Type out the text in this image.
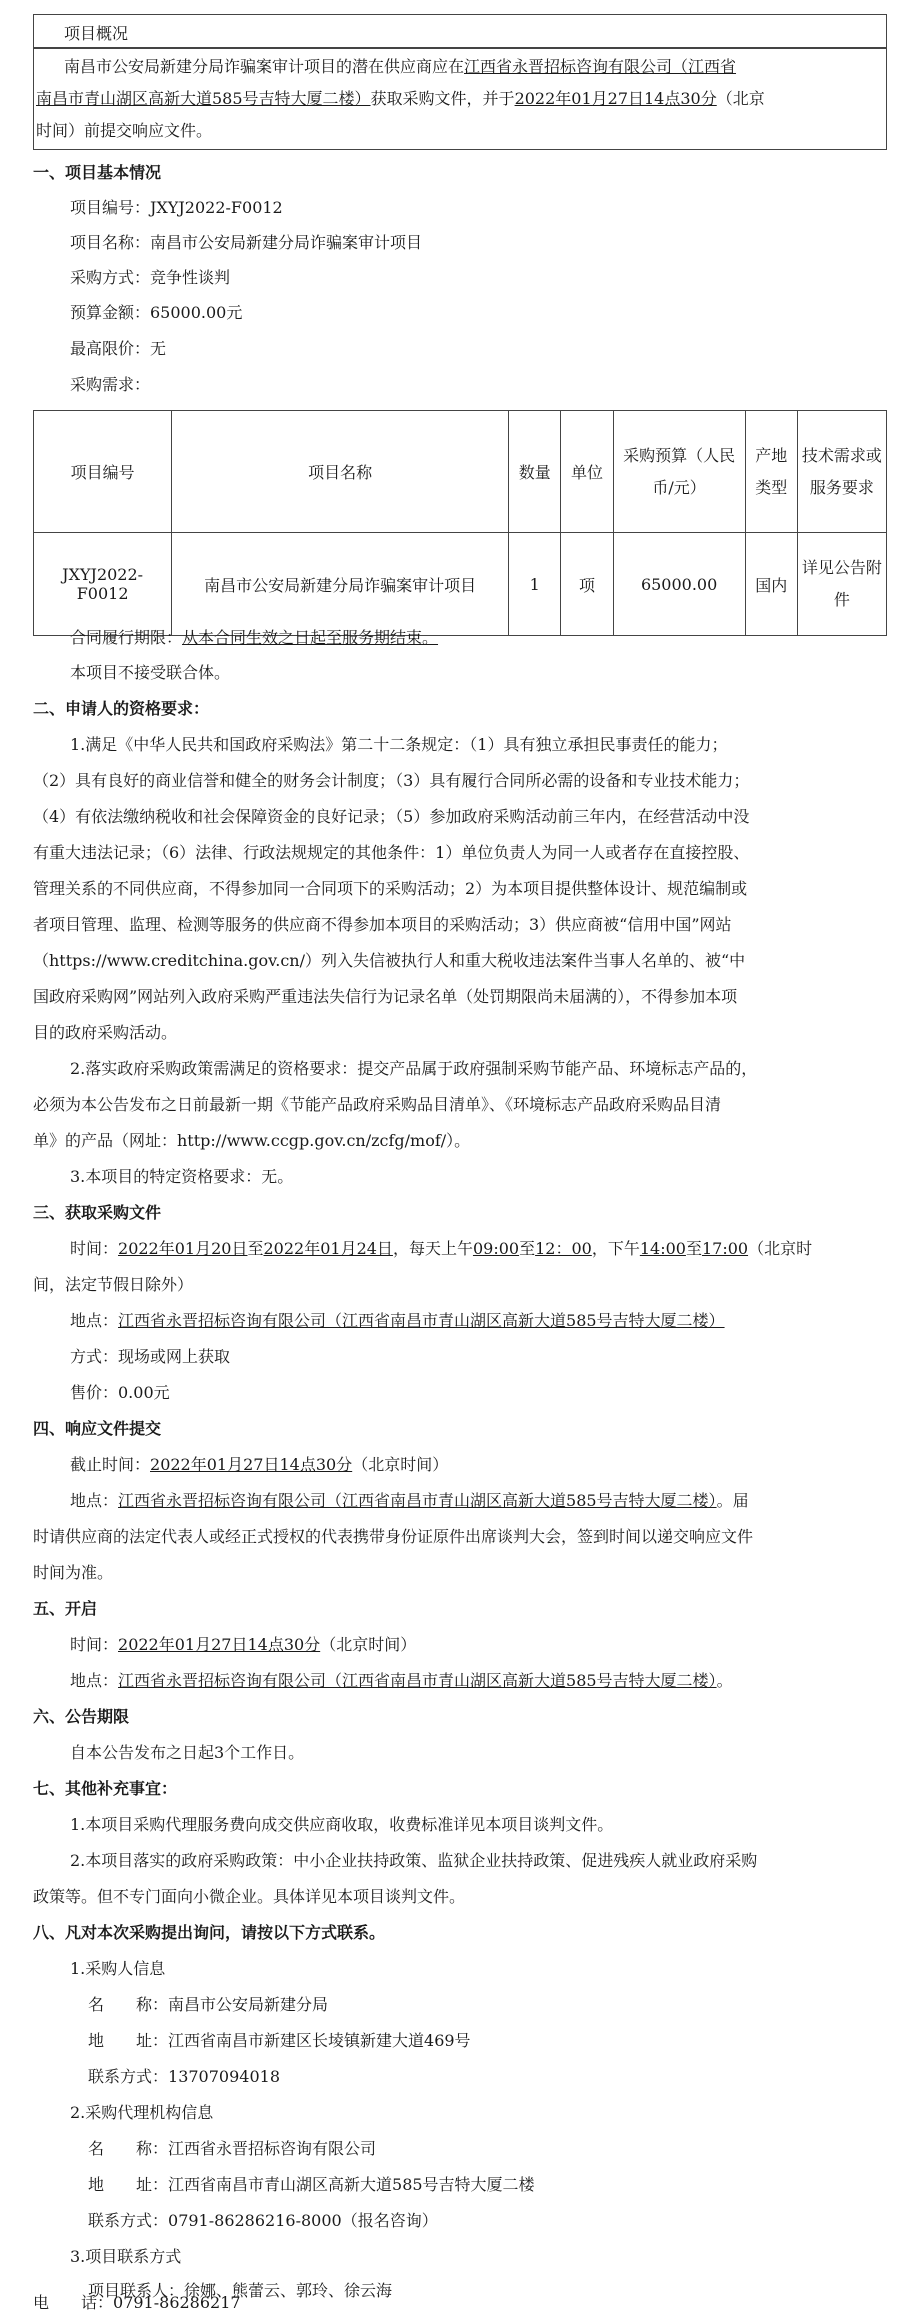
项目概况
南昌市公安局新建分局诈骗案审计项目的潜在供应商应在江西省永晋招标咨询有限公司（江西省
南昌市青山湖区高新大道585号吉特大厦二楼）获取采购文件，并于2022年01月27日14点30分（北京
时间）前提交响应文件。
一、项目基本情况
项目编号：JXYJ2022-F0012
项目名称：南昌市公安局新建分局诈骗案审计项目
采购方式：竞争性谈判
预算金额：65000.00元
最高限价：无
采购需求：
项目编号	项目名称	数量	单位	采购预算（人民币/元）	产地类型	技术需求或服务要求
JXYJ2022-F0012	南昌市公安局新建分局诈骗案审计项目	1	项	65000.00	国内	详见公告附件
合同履行期限：从本合同生效之日起至服务期结束。
本项目不接受联合体。
二、申请人的资格要求：
1.满足《中华人民共和国政府采购法》第二十二条规定：（1）具有独立承担民事责任的能力；
（2）具有良好的商业信誉和健全的财务会计制度；（3）具有履行合同所必需的设备和专业技术能力；
（4）有依法缴纳税收和社会保障资金的良好记录；（5）参加政府采购活动前三年内，在经营活动中没
有重大违法记录；（6）法律、行政法规规定的其他条件：1）单位负责人为同一人或者存在直接控股、
管理关系的不同供应商，不得参加同一合同项下的采购活动；2）为本项目提供整体设计、规范编制或
者项目管理、监理、检测等服务的供应商不得参加本项目的采购活动；3）供应商被“信用中国”网站
（https://www.creditchina.gov.cn/）列入失信被执行人和重大税收违法案件当事人名单的、被“中
国政府采购网”网站列入政府采购严重违法失信行为记录名单（处罚期限尚未届满的），不得参加本项
目的政府采购活动。
2.落实政府采购政策需满足的资格要求：提交产品属于政府强制采购节能产品、环境标志产品的，
必须为本公告发布之日前最新一期《节能产品政府采购品目清单》、《环境标志产品政府采购品目清
单》的产品（网址：http://www.ccgp.gov.cn/zcfg/mof/）。
3.本项目的特定资格要求：无。
三、获取采购文件
时间：2022年01月20日至2022年01月24日，每天上午09:00至12：00，下午14:00至17:00（北京时
间，法定节假日除外）
地点：江西省永晋招标咨询有限公司（江西省南昌市青山湖区高新大道585号吉特大厦二楼）
方式：现场或网上获取
售价：0.00元
四、响应文件提交
截止时间：2022年01月27日14点30分（北京时间）
地点：江西省永晋招标咨询有限公司（江西省南昌市青山湖区高新大道585号吉特大厦二楼）。届
时请供应商的法定代表人或经正式授权的代表携带身份证原件出席谈判大会，签到时间以递交响应文件
时间为准。
五、开启
时间：2022年01月27日14点30分（北京时间）
地点：江西省永晋招标咨询有限公司（江西省南昌市青山湖区高新大道585号吉特大厦二楼）。
六、公告期限
自本公告发布之日起3个工作日。
七、其他补充事宜：
1.本项目采购代理服务费向成交供应商收取，收费标准详见本项目谈判文件。
2.本项目落实的政府采购政策：中小企业扶持政策、监狱企业扶持政策、促进残疾人就业政府采购
政策等。但不专门面向小微企业。具体详见本项目谈判文件。
八、凡对本次采购提出询问，请按以下方式联系。
1.采购人信息
名　　称：南昌市公安局新建分局
地　　址：江西省南昌市新建区长堎镇新建大道469号
联系方式：13707094018
2.采购代理机构信息
名　　称：江西省永晋招标咨询有限公司
地　　址：江西省南昌市青山湖区高新大道585号吉特大厦二楼
联系方式：0791-86286216-8000（报名咨询）
3.项目联系方式
项目联系人：徐娜、熊蕾云、郭玲、徐云海
电　　话：0791-86286217
